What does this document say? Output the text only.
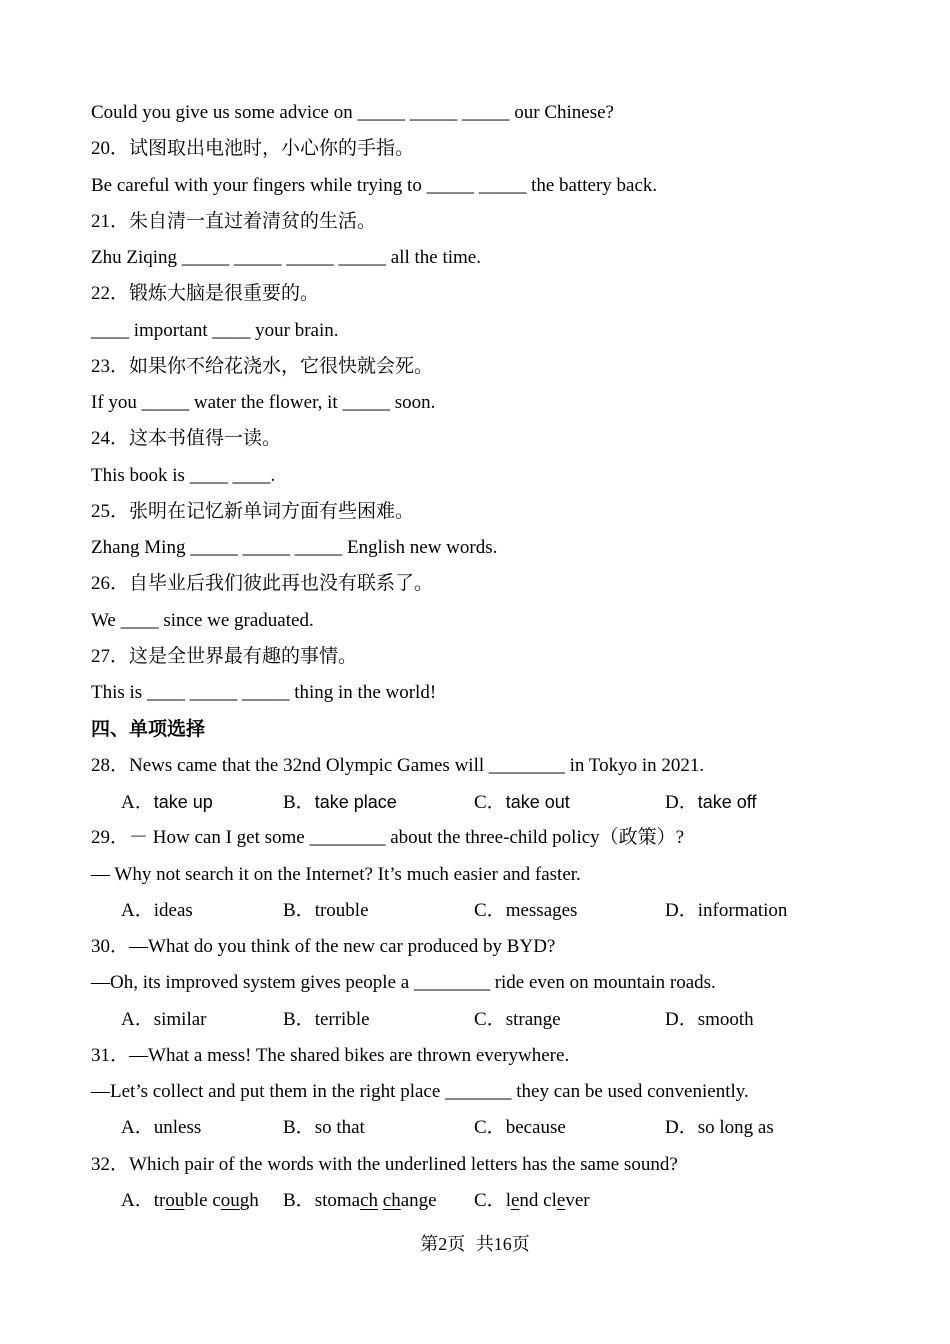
Could you give us some advice on _____ _____ _____ our Chinese?
20．试图取出电池时，小心你的手指。
Be careful with your fingers while trying to _____ _____ the battery back.
21．朱自清一直过着清贫的生活。
Zhu Ziqing _____ _____ _____ _____ all the time.
22．锻炼大脑是很重要的。
____ important ____ your brain.
23．如果你不给花浇水，它很快就会死。
If you _____ water the flower, it _____ soon.
24．这本书值得一读。
This book is ____ ____.
25．张明在记忆新单词方面有些困难。
Zhang Ming _____ _____ _____ English new words.
26．自毕业后我们彼此再也没有联系了。
We ____ since we graduated.
27．这是全世界最有趣的事情。
This is ____ _____ _____ thing in the world!
四、单项选择
28．News came that the 32nd Olympic Games will ________ in Tokyo in 2021.
A．take up	B．take place	C．take out	D．take off
29．－ How can I get some ________ about the three-child policy（政策）?
— Why not search it on the Internet? It’s much easier and faster.
A．ideas	B．trouble	C．messages	D．information
30．—What do you think of the new car produced by BYD?
—Oh, its improved system gives people a ________ ride even on mountain roads.
A．similar	B．terrible	C．strange	D．smooth
31．—What a mess! The shared bikes are thrown everywhere.
—Let’s collect and put them in the right place _______ they can be used conveniently.
A．unless	B．so that	C．because	D．so long as
32．Which pair of the words with the underlined letters has the same sound?
A．trouble cough B．stomach change C．lend clever
第2页 共16页
